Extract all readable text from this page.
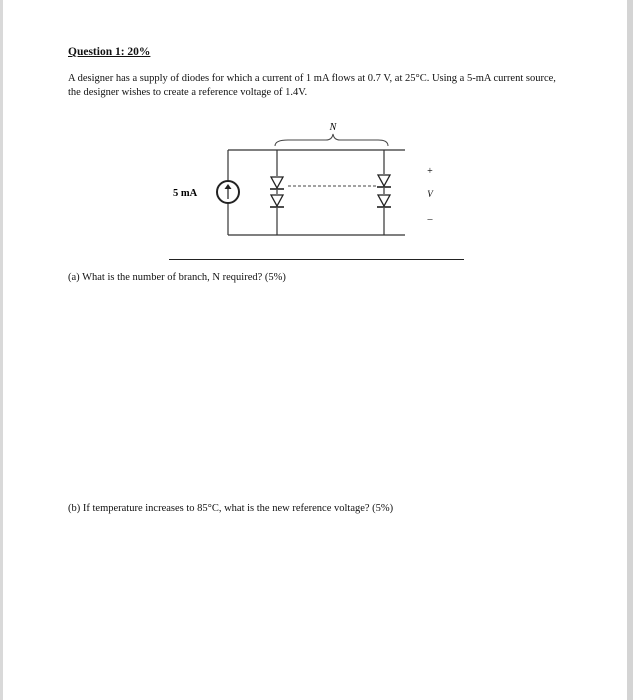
Question 1: 20%
A designer has a supply of diodes for which a current of 1 mA flows at 0.7 V, at 25°C. Using a 5-mA current source, the designer wishes to create a reference voltage of 1.4V.
N
5 mA
+
V
–
(a) What is the number of branch, N required? (5%)
(b) If temperature increases to 85°C, what is the new reference voltage? (5%)
